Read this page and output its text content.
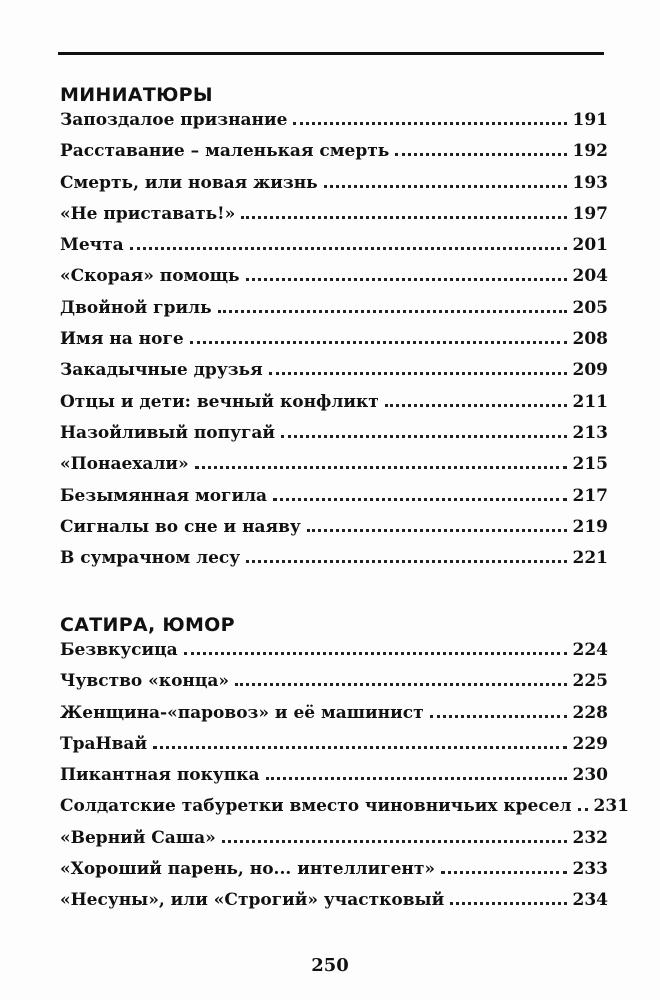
МИНИАТЮРЫ
Запоздалое признание	191
Расставание – маленькая смерть	192
Смерть, или новая жизнь	193
«Не приставать!»	197
Мечта	201
«Скорая» помощь	204
Двойной гриль	205
Имя на ноге	208
Закадычные друзья	209
Отцы и дети: вечный конфликт	211
Назойливый попугай	213
«Понаехали»	215
Безымянная могила	217
Сигналы во сне и наяву	219
В сумрачном лесу	221
САТИРА, ЮМОР
Безвкусица	224
Чувство «конца»	225
Женщина-«паровоз» и её машинист	228
ТраНвай	229
Пикантная покупка	230
Солдатские табуретки вместо чиновничьих кресел	231
«Верний Саша»	232
«Хороший парень, но... интеллигент»	233
«Несуны», или «Строгий» участковый	234
250
